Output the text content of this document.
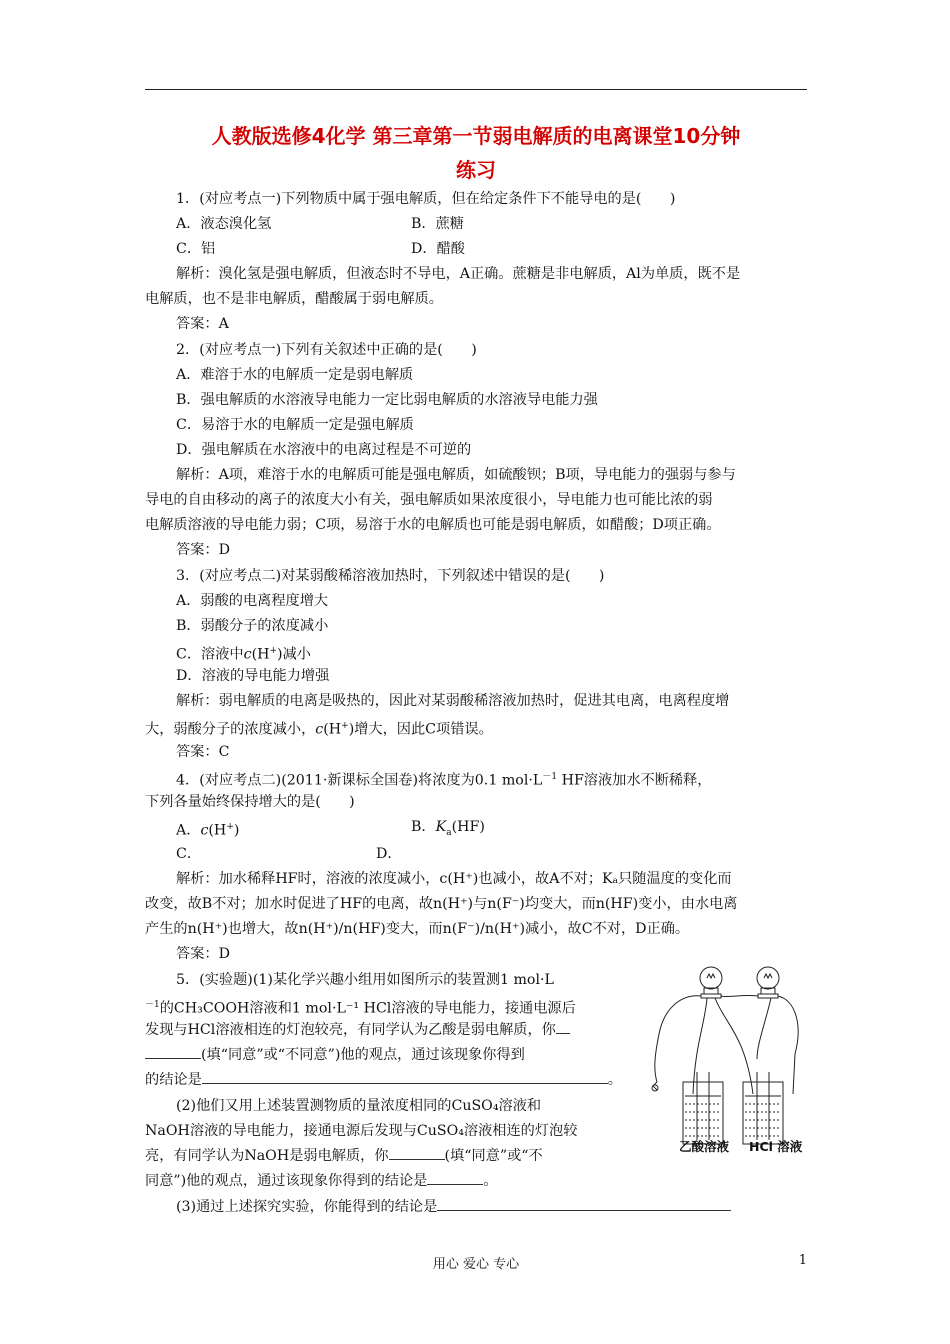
人教版选修4化学 第三章第一节弱电解质的电离课堂10分钟
练习
1．(对应考点一)下列物质中属于强电解质，但在给定条件下不能导电的是(　　)
A．液态溴化氢	B．蔗糖
C．铝	D．醋酸
解析：溴化氢是强电解质，但液态时不导电，A正确。蔗糖是非电解质，Al为单质，既不是
电解质，也不是非电解质，醋酸属于弱电解质。
答案：A
2．(对应考点一)下列有关叙述中正确的是(　　)
A．难溶于水的电解质一定是弱电解质
B．强电解质的水溶液导电能力一定比弱电解质的水溶液导电能力强
C．易溶于水的电解质一定是强电解质
D．强电解质在水溶液中的电离过程是不可逆的
解析：A项，难溶于水的电解质可能是强电解质，如硫酸钡；B项，导电能力的强弱与参与
导电的自由移动的离子的浓度大小有关，强电解质如果浓度很小，导电能力也可能比浓的弱
电解质溶液的导电能力弱；C项，易溶于水的电解质也可能是弱电解质，如醋酸；D项正确。
答案：D
3．(对应考点二)对某弱酸稀溶液加热时，下列叙述中错误的是(　　)
A．弱酸的电离程度增大
B．弱酸分子的浓度减小
C．溶液中c(H+)减小
D．溶液的导电能力增强
解析：弱电解质的电离是吸热的，因此对某弱酸稀溶液加热时，促进其电离，电离程度增
大，弱酸分子的浓度减小，c(H+)增大，因此C项错误。
答案：C
4．(对应考点二)(2011·新课标全国卷)将浓度为0.1 $mol\cdot L^{-1}$ HF溶液加水不断稀释，
下列各量始终保持增大的是(　　)
A．c(H+)	B．$K_a(HF)$
C．	D．
解析：加水稀释HF时，溶液的浓度减小，c(H⁺)也减小，故A不对；Kₐ只随温度的变化而
改变，故B不对；加水时促进了HF的电离，故n(H⁺)与n(F⁻)均变大，而n(HF)变小，由水电离
产生的n(H⁺)也增大，故n(H⁺)/n(HF)变大，而n(F⁻)/n(H⁺)减小，故C不对，D正确。
答案：D
5．(实验题)(1)某化学兴趣小组用如图所示的装置测1 mol·L
$^{-1}$的CH₃COOH溶液和1 mol·L⁻¹ HCl溶液的导电能力，接通电源后
发现与HCl溶液相连的灯泡较亮，有同学认为乙酸是弱电解质，你
(填“同意”或“不同意”)他的观点，通过该现象你得到
的结论是	。
(2)他们又用上述装置测物质的量浓度相同的CuSO₄溶液和
NaOH溶液的导电能力，接通电源后发现与CuSO₄溶液相连的灯泡较
亮，有同学认为NaOH是弱电解质，你	(填“同意”或“不
同意”)他的观点，通过该现象你得到的结论是	。
(3)通过上述探究实验，你能得到的结论是
乙酸溶液 HCl 溶液
用心 爱心 专心	1
